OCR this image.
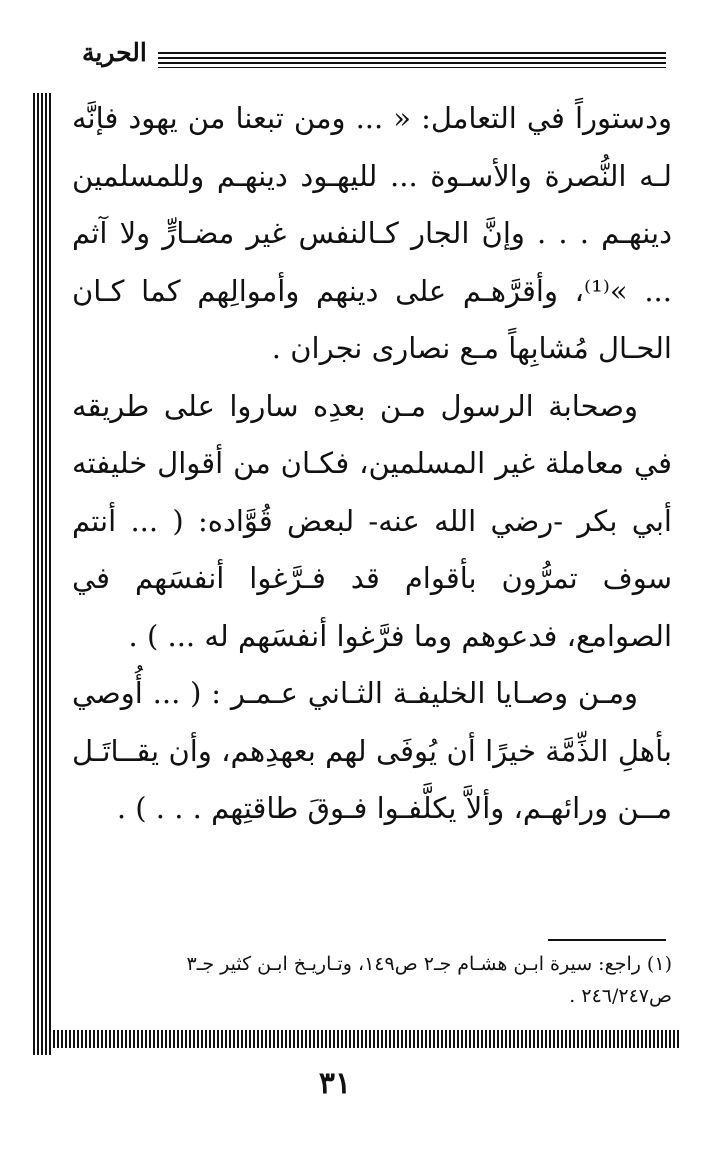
الحرية

ودستوراً في التعامل: « ... ومن تبعنا من يهود فإنَّه لـه النُّصرة والأسـوة ... لليهـود دينهـم وللمسلمين دينهـم . . . وإنَّ الجار كـالنفس غير مضـارٍّ ولا آثم ... »⁽¹⁾، وأقرَّهـم على دينهم وأموالِهم كما كـان الحـال مُشابِهاً مـع نصارى نجران .

وصحابة الرسول مـن بعدِه ساروا على طريقه في معاملة غير المسلمين، فكـان من أقوال خليفته أبي بكر -رضي الله عنه- لبعض قُوَّاده: ( ... أنتم سوف تمرُّون بأقوام قد فـرَّغوا أنفسَهم في الصوامع، فدعوهم وما فرَّغوا أنفسَهم له ... ) .

ومـن وصـايا الخليفـة الثـاني عـمـر : ( ... أُوصي بأهلِ الذِّمَّة خيرًا أن يُوفَى لهم بعهدِهم، وأن يقــاتَـل مــن ورائهـم، وألاَّ يكلَّفـوا فـوقَ طاقتِهم . . . ) .

(١) راجع: سيرة ابـن هشـام جـ٢ ص١٤٩، وتـاريـخ ابـن كثير جـ٣

ص٢٤٦/٢٤٧ .

٣١
